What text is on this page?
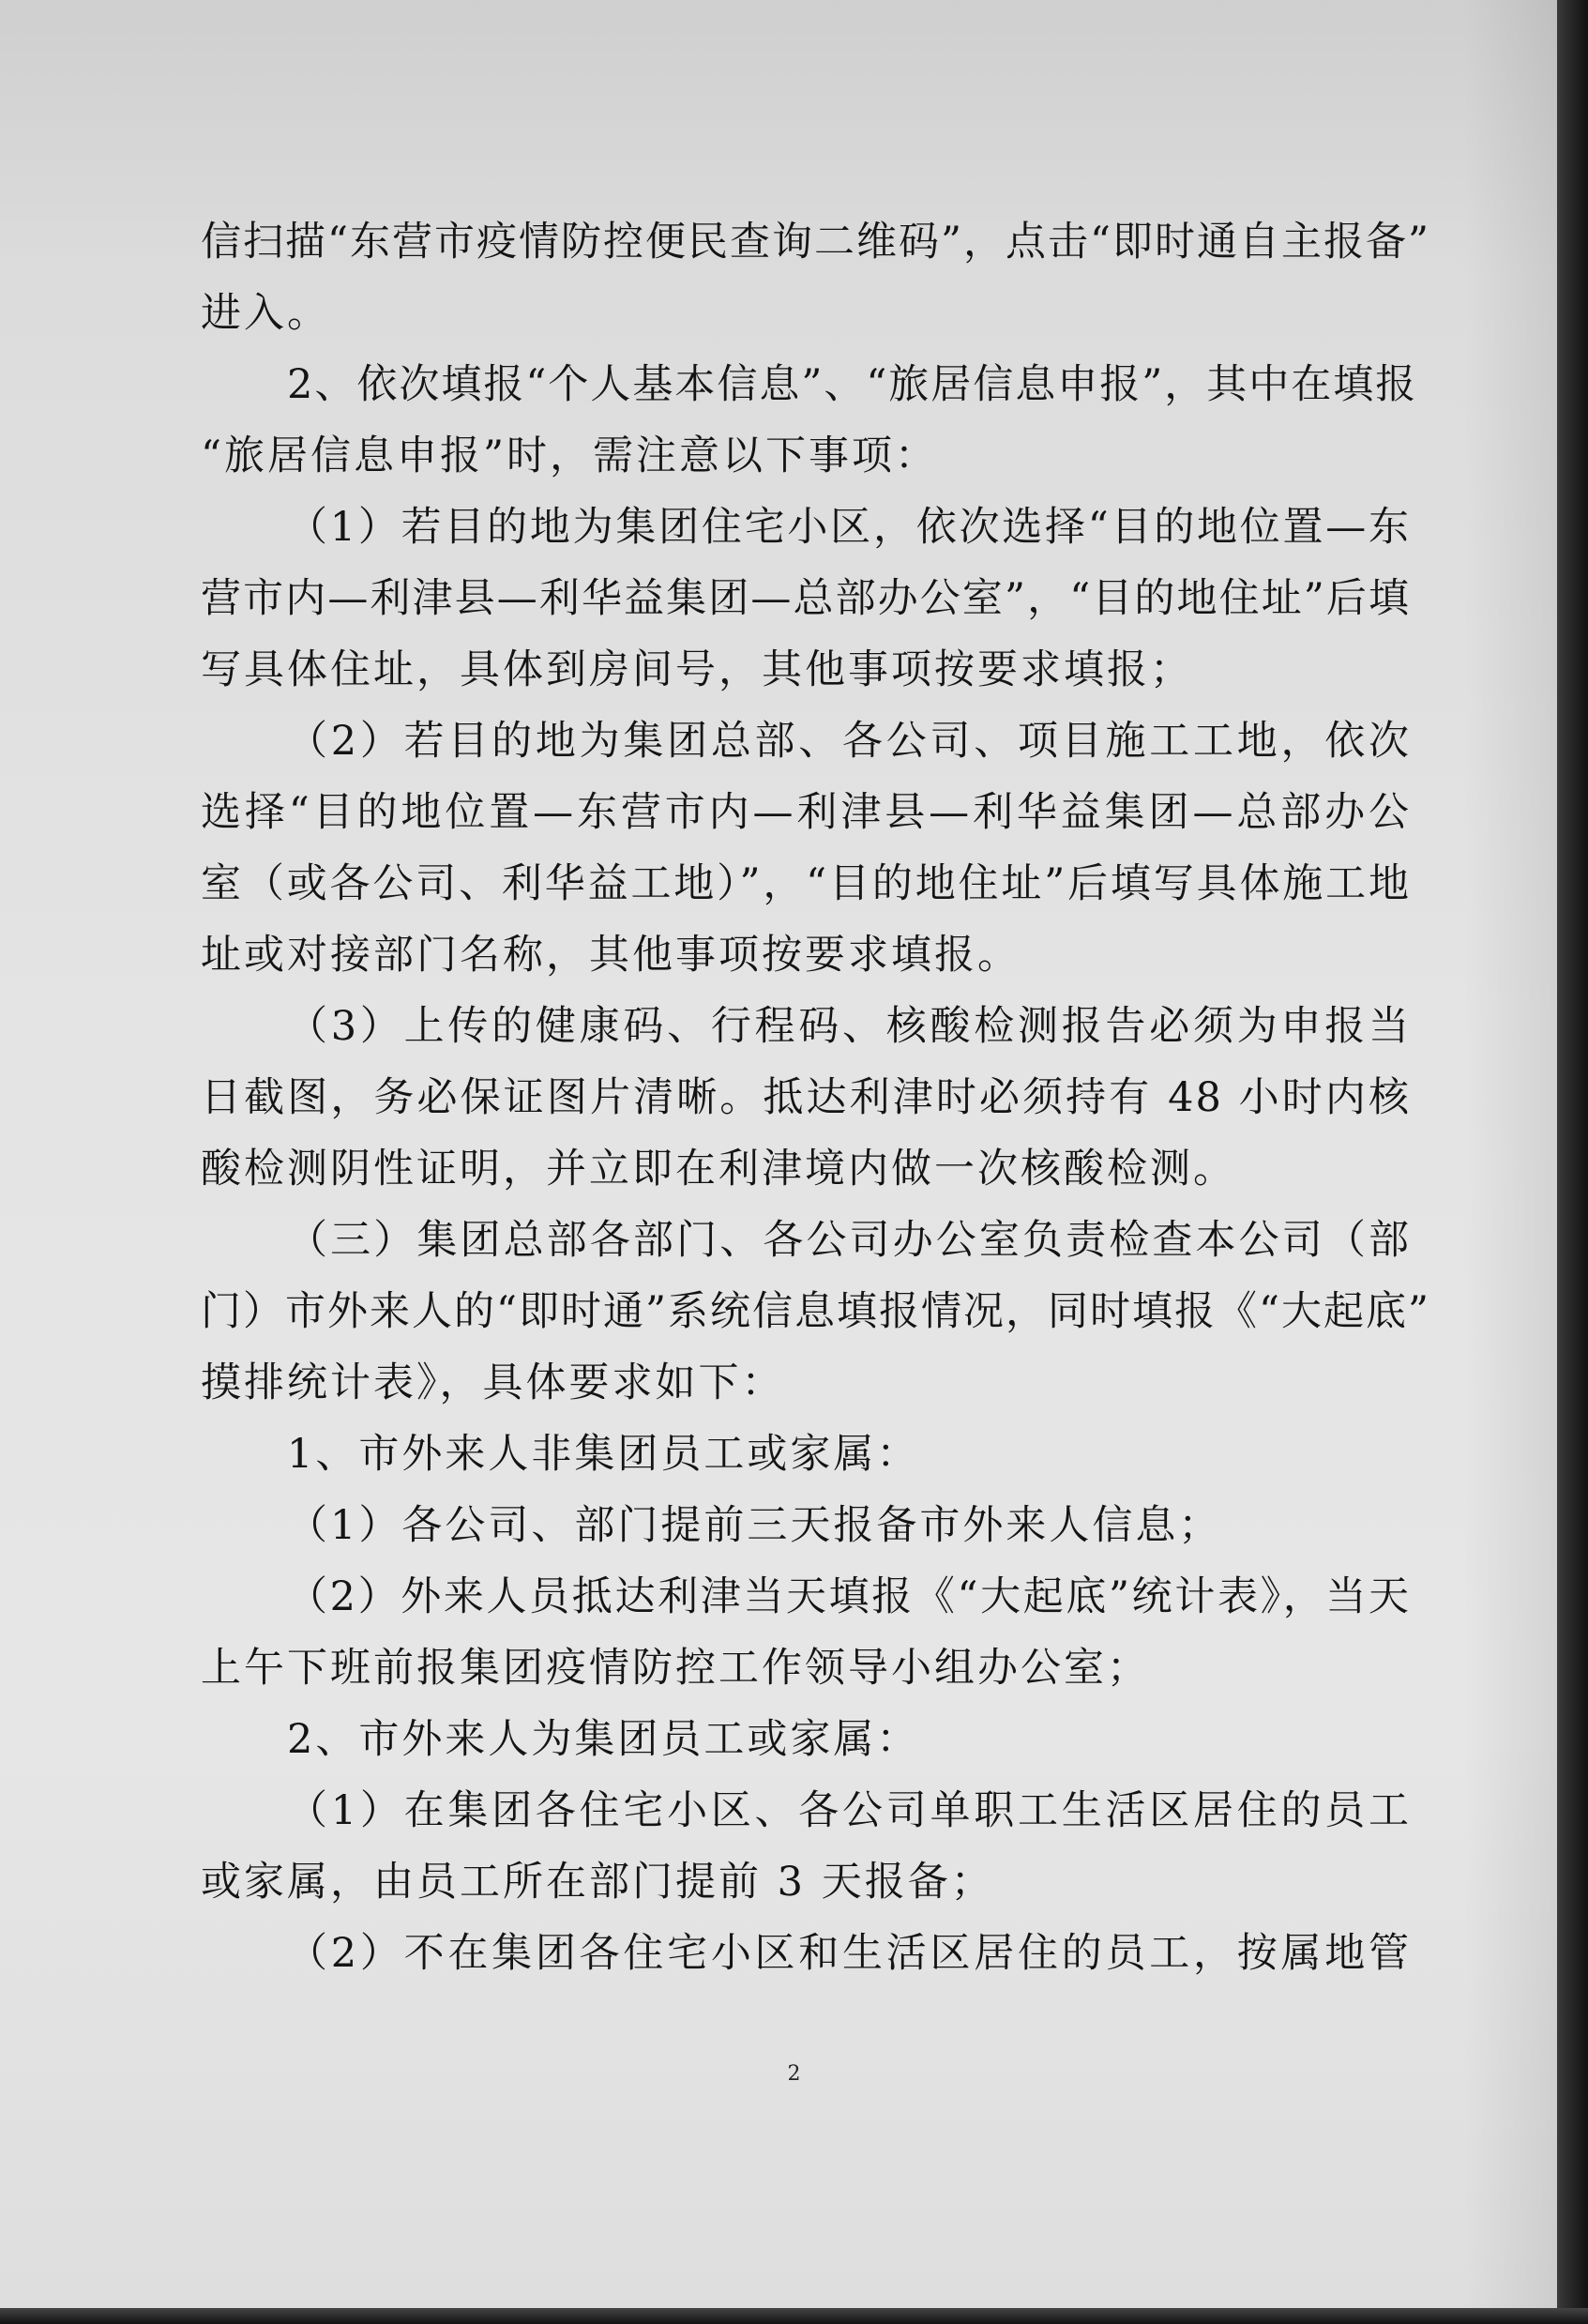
信扫描“东营市疫情防控便民查询二维码”，点击“即时通自主报备”
进入。
2、依次填报“个人基本信息”、“旅居信息申报”，其中在填报
“旅居信息申报”时，需注意以下事项：
（1）若目的地为集团住宅小区，依次选择“目的地位置—东
营市内—利津县—利华益集团—总部办公室”，“目的地住址”后填
写具体住址，具体到房间号，其他事项按要求填报；
（2）若目的地为集团总部、各公司、项目施工工地，依次
选择“目的地位置—东营市内—利津县—利华益集团—总部办公
室（或各公司、利华益工地）”，“目的地住址”后填写具体施工地
址或对接部门名称，其他事项按要求填报。
（3）上传的健康码、行程码、核酸检测报告必须为申报当
日截图，务必保证图片清晰。抵达利津时必须持有 48 小时内核
酸检测阴性证明，并立即在利津境内做一次核酸检测。
（三）集团总部各部门、各公司办公室负责检查本公司（部
门）市外来人的“即时通”系统信息填报情况，同时填报《“大起底”
摸排统计表》，具体要求如下：
1、市外来人非集团员工或家属：
（1）各公司、部门提前三天报备市外来人信息；
（2）外来人员抵达利津当天填报《“大起底”统计表》，当天
上午下班前报集团疫情防控工作领导小组办公室；
2、市外来人为集团员工或家属：
（1）在集团各住宅小区、各公司单职工生活区居住的员工
或家属，由员工所在部门提前 3 天报备；
（2）不在集团各住宅小区和生活区居住的员工，按属地管
2
